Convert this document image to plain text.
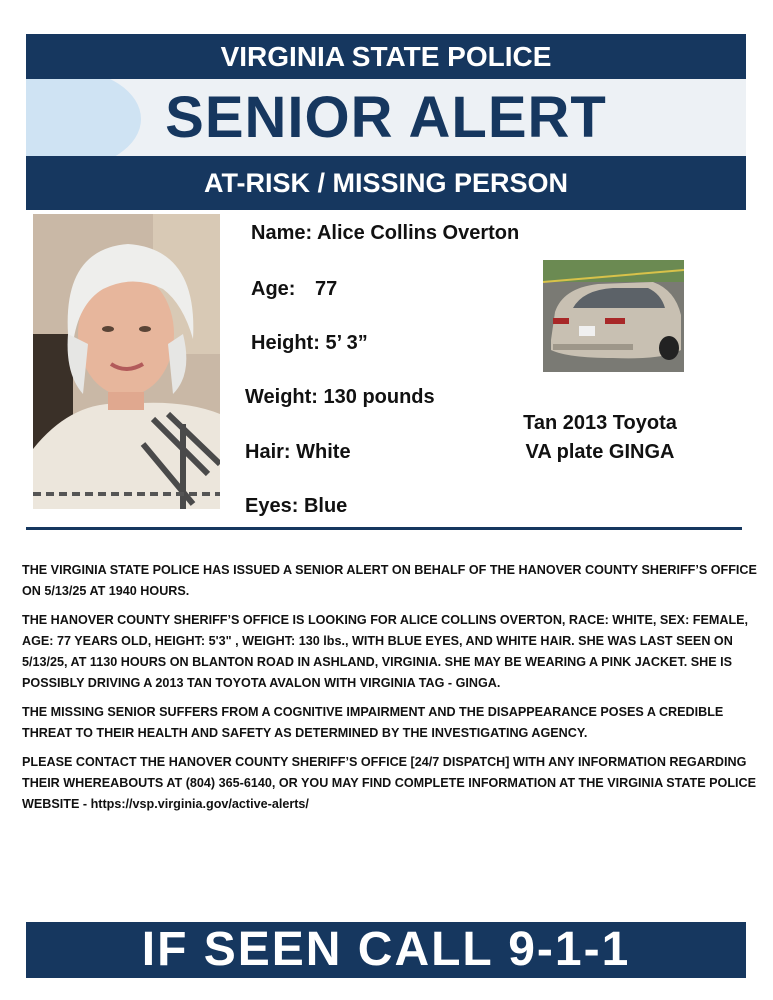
VIRGINIA STATE POLICE
SENIOR ALERT
AT-RISK / MISSING PERSON
Name: Alice Collins Overton
Age: 77
Height: 5’ 3”
Weight: 130 pounds
Hair: White
Eyes: Blue
Tan 2013 Toyota
VA plate GINGA

THE VIRGINIA STATE POLICE HAS ISSUED A SENIOR ALERT ON BEHALF OF THE HANOVER COUNTY SHERIFF’S OFFICE ON 5/13/25 AT 1940 HOURS.

THE HANOVER COUNTY SHERIFF’S OFFICE IS LOOKING FOR ALICE COLLINS OVERTON, RACE: WHITE, SEX: FEMALE, AGE: 77 YEARS OLD, HEIGHT: 5'3" , WEIGHT: 130 lbs., WITH BLUE EYES, AND WHITE HAIR. SHE WAS LAST SEEN ON 5/13/25, AT 1130 HOURS ON BLANTON ROAD IN ASHLAND, VIRGINIA. SHE MAY BE WEARING A PINK JACKET. SHE IS POSSIBLY DRIVING A 2013 TAN TOYOTA AVALON WITH VIRGINIA TAG - GINGA.

THE MISSING SENIOR SUFFERS FROM A COGNITIVE IMPAIRMENT AND THE DISAPPEARANCE POSES A CREDIBLE THREAT TO THEIR HEALTH AND SAFETY AS DETERMINED BY THE INVESTIGATING AGENCY.

PLEASE CONTACT THE HANOVER COUNTY SHERIFF’S OFFICE [24/7 DISPATCH] WITH ANY INFORMATION REGARDING THEIR WHEREABOUTS AT (804) 365-6140, OR YOU MAY FIND COMPLETE INFORMATION AT THE VIRGINIA STATE POLICE WEBSITE - https://vsp.virginia.gov/active-alerts/

IF SEEN CALL 9-1-1
